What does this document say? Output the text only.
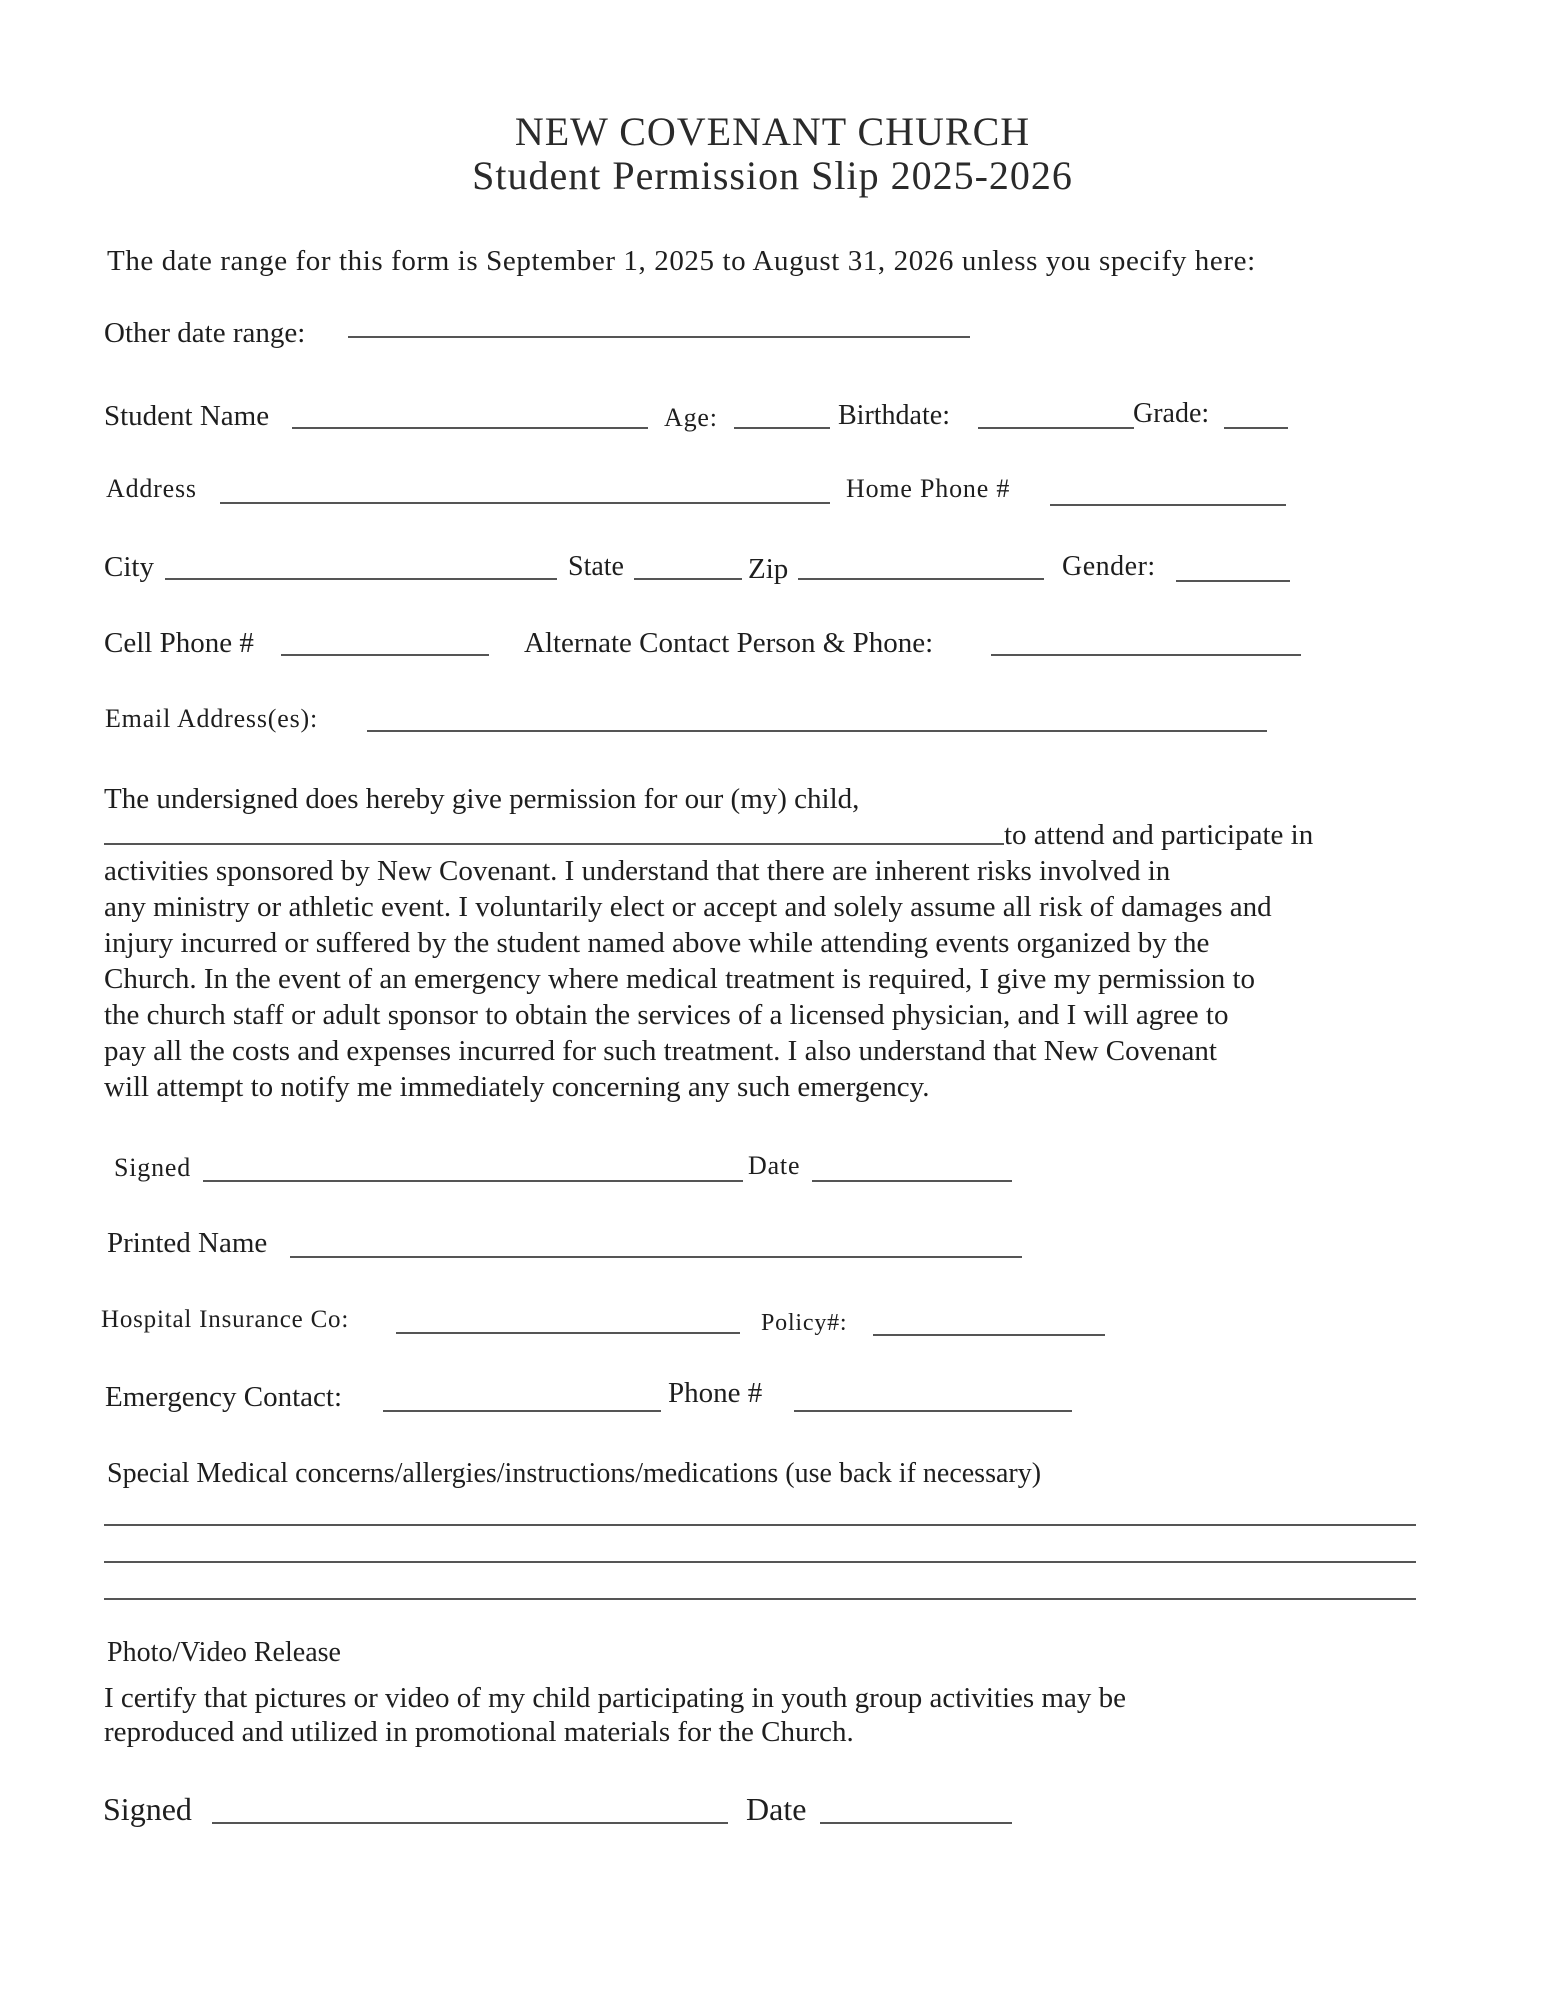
NEW COVENANT CHURCH
Student Permission Slip 2025-2026
The date range for this form is September 1, 2025 to August 31, 2026 unless you specify here:
Other date range:
Student Name	Age:	Birthdate:	Grade:
Address	Home Phone #
City	State	Zip	Gender:
Cell Phone #	Alternate Contact Person & Phone:
Email Address(es):
The undersigned does hereby give permission for our (my) child,
to attend and participate in
activities sponsored by New Covenant. I understand that there are inherent risks involved in
any ministry or athletic event. I voluntarily elect or accept and solely assume all risk of damages and
injury incurred or suffered by the student named above while attending events organized by the
Church. In the event of an emergency where medical treatment is required, I give my permission to
the church staff or adult sponsor to obtain the services of a licensed physician, and I will agree to
pay all the costs and expenses incurred for such treatment. I also understand that New Covenant
will attempt to notify me immediately concerning any such emergency.
Signed	Date
Printed Name
Hospital Insurance Co:	Policy#:
Emergency Contact:	Phone #
Special Medical concerns/allergies/instructions/medications (use back if necessary)
Photo/Video Release
I certify that pictures or video of my child participating in youth group activities may be
reproduced and utilized in promotional materials for the Church.
Signed	Date
